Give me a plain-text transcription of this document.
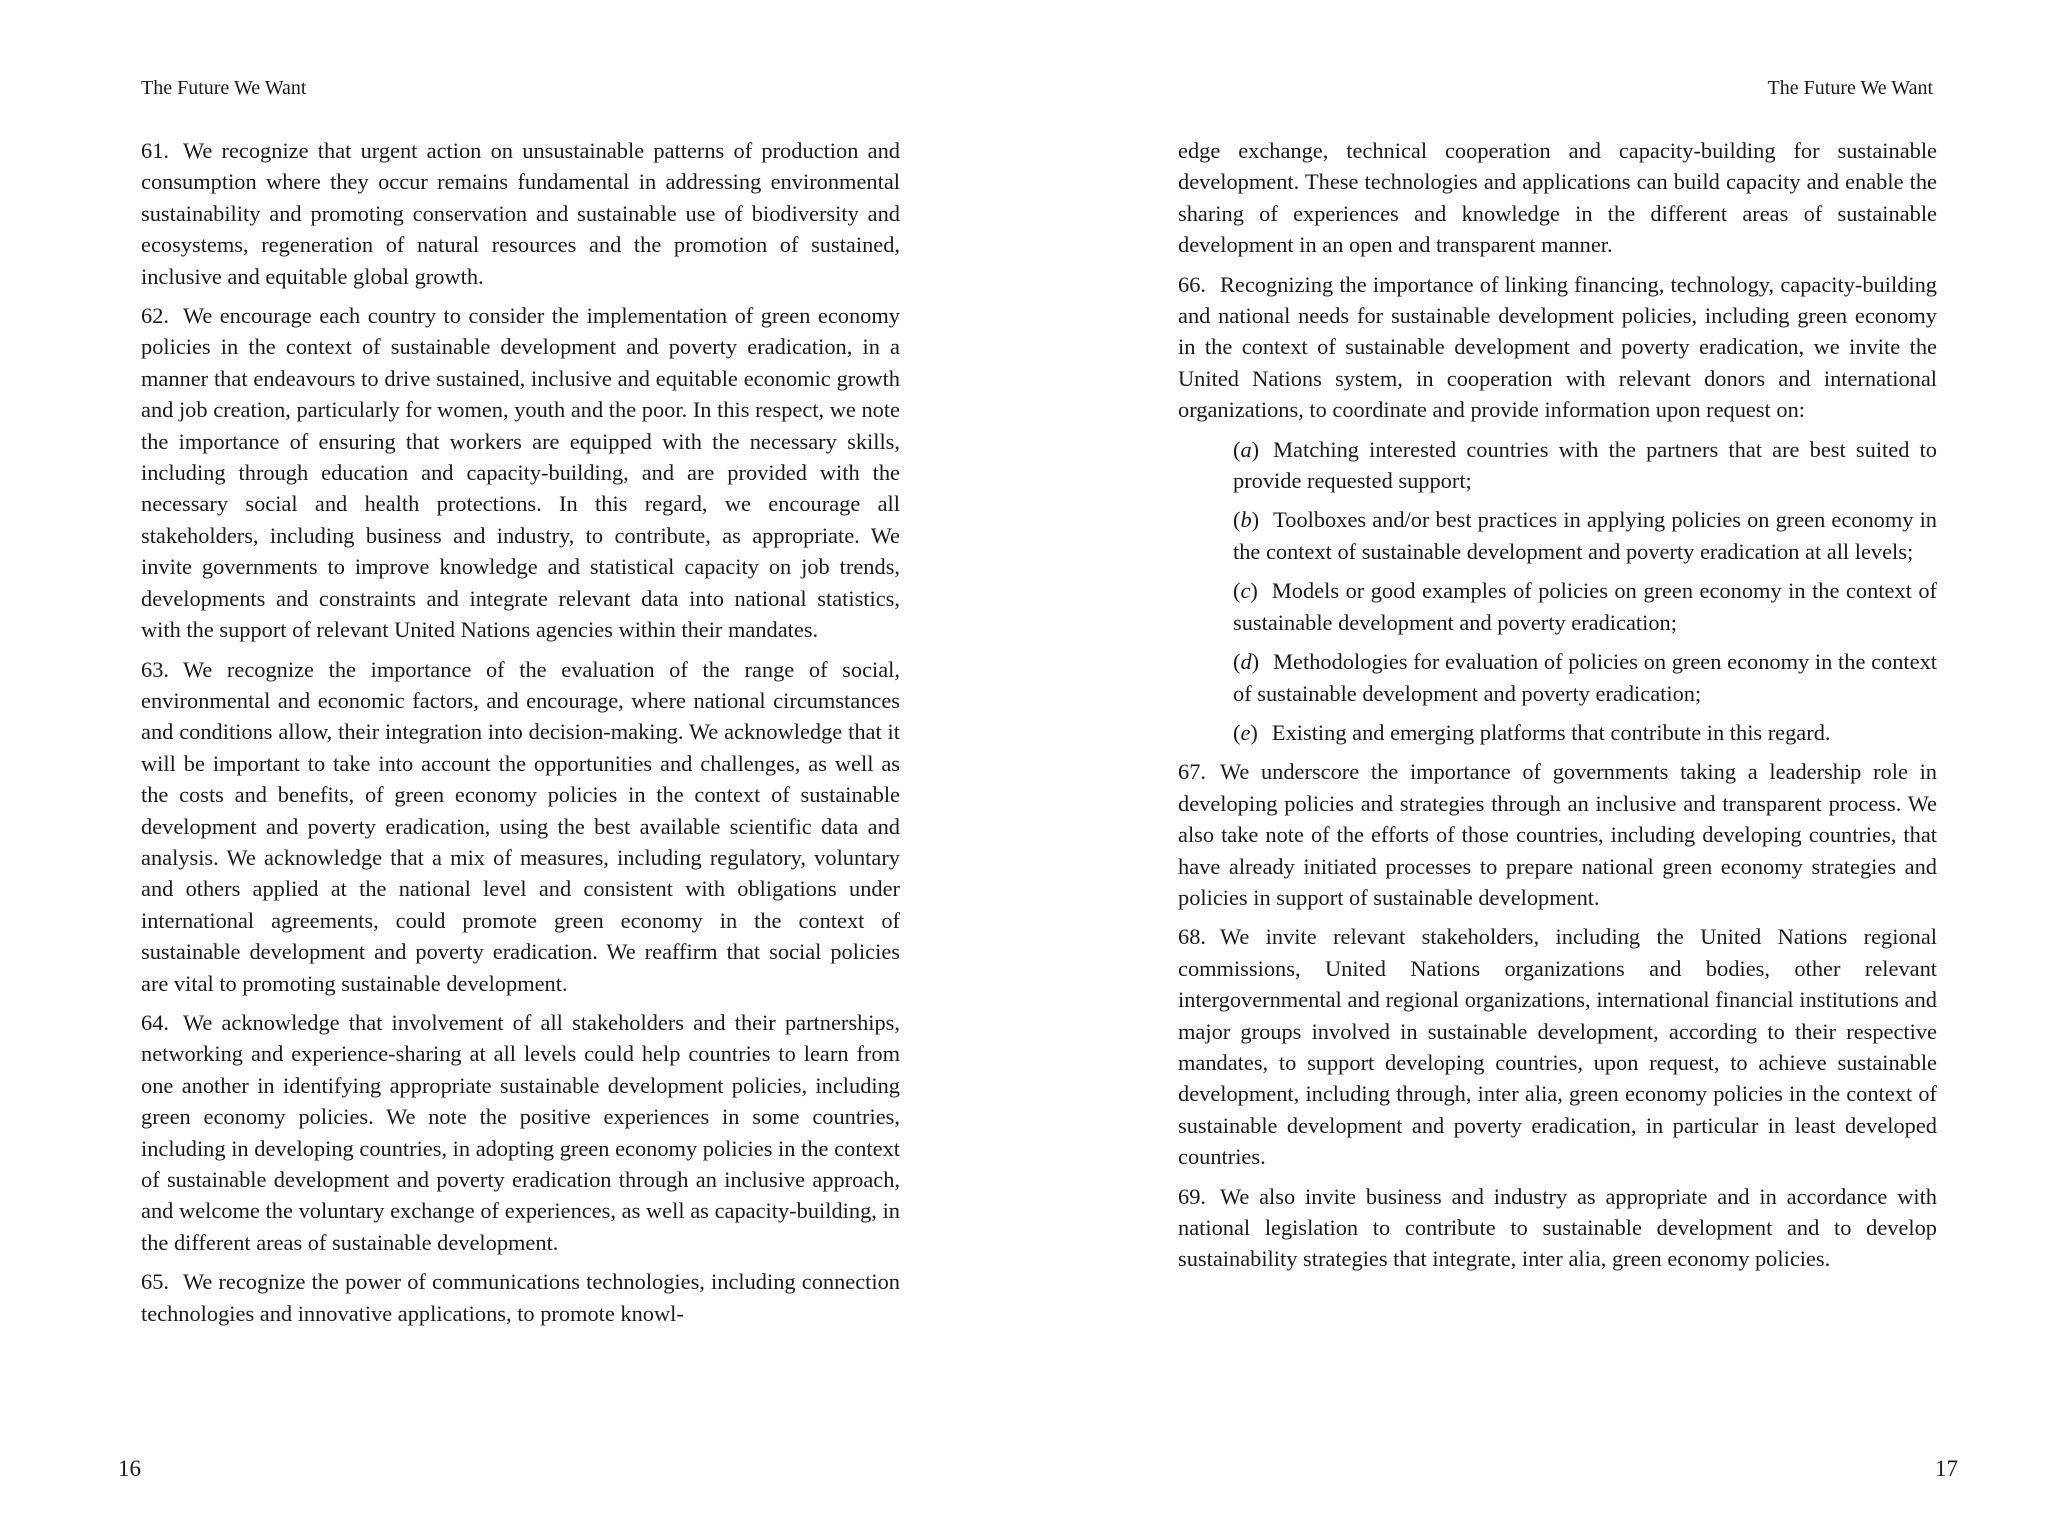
The Future We Want

61. We recognize that urgent action on unsustainable patterns of production and consumption where they occur remains fundamental in addressing environmental sustainability and promoting conservation and sustainable use of biodiversity and ecosystems, regeneration of natural resources and the promotion of sustained, inclusive and equitable global growth.

62. We encourage each country to consider the implementation of green economy policies in the context of sustainable development and poverty eradication, in a manner that endeavours to drive sustained, inclusive and equitable economic growth and job creation, particularly for women, youth and the poor. In this respect, we note the importance of ensuring that workers are equipped with the necessary skills, including through education and capacity-building, and are provided with the necessary social and health protections. In this regard, we encourage all stakeholders, including business and industry, to contribute, as appropriate. We invite governments to improve knowledge and statistical capacity on job trends, developments and constraints and integrate relevant data into national statistics, with the support of relevant United Nations agencies within their mandates.

63. We recognize the importance of the evaluation of the range of social, environmental and economic factors, and encourage, where national circumstances and conditions allow, their integration into decision-making. We acknowledge that it will be important to take into account the opportunities and challenges, as well as the costs and benefits, of green economy policies in the context of sustainable development and poverty eradication, using the best available scientific data and analysis. We acknowledge that a mix of measures, including regulatory, voluntary and others applied at the national level and consistent with obligations under international agreements, could promote green economy in the context of sustainable development and poverty eradication. We reaffirm that social policies are vital to promoting sustainable development.

64. We acknowledge that involvement of all stakeholders and their partnerships, networking and experience-sharing at all levels could help countries to learn from one another in identifying appropriate sustainable development policies, including green economy policies. We note the positive experiences in some countries, including in developing countries, in adopting green economy policies in the context of sustainable development and poverty eradication through an inclusive approach, and welcome the voluntary exchange of experiences, as well as capacity-building, in the different areas of sustainable development.

65. We recognize the power of communications technologies, including connection technologies and innovative applications, to promote knowl-

16
The Future We Want

edge exchange, technical cooperation and capacity-building for sustainable development. These technologies and applications can build capacity and enable the sharing of experiences and knowledge in the different areas of sustainable development in an open and transparent manner.

66. Recognizing the importance of linking financing, technology, capacity-building and national needs for sustainable development policies, including green economy in the context of sustainable development and poverty eradication, we invite the United Nations system, in cooperation with relevant donors and international organizations, to coordinate and provide information upon request on:

(a) Matching interested countries with the partners that are best suited to provide requested support;

(b) Toolboxes and/or best practices in applying policies on green economy in the context of sustainable development and poverty eradication at all levels;

(c) Models or good examples of policies on green economy in the context of sustainable development and poverty eradication;

(d) Methodologies for evaluation of policies on green economy in the context of sustainable development and poverty eradication;

(e) Existing and emerging platforms that contribute in this regard.

67. We underscore the importance of governments taking a leadership role in developing policies and strategies through an inclusive and transparent process. We also take note of the efforts of those countries, including developing countries, that have already initiated processes to prepare national green economy strategies and policies in support of sustainable development.

68. We invite relevant stakeholders, including the United Nations regional commissions, United Nations organizations and bodies, other relevant intergovernmental and regional organizations, international financial institutions and major groups involved in sustainable development, according to their respective mandates, to support developing countries, upon request, to achieve sustainable development, including through, inter alia, green economy policies in the context of sustainable development and poverty eradication, in particular in least developed countries.

69. We also invite business and industry as appropriate and in accordance with national legislation to contribute to sustainable development and to develop sustainability strategies that integrate, inter alia, green economy policies.

17
